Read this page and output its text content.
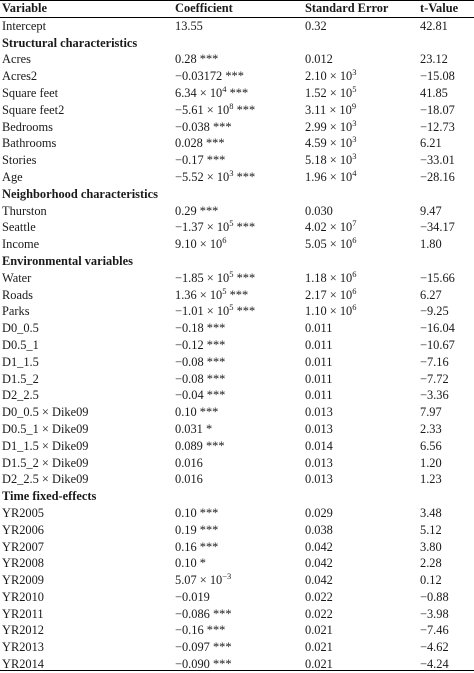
Variable	Coefficient	Standard Error	t-Value
Intercept	13.55	0.32	42.81
Structural characteristics
Acres	0.28 ***	0.012	23.12
Acres2	−0.03172 ***	$2.10 \times 10^3$	−15.08
Square feet	$6.34 \times 10^4$ ***	$1.52 \times 10^5$	41.85
Square feet2	$-5.61 \times 10^8$ ***	$3.11 \times 10^9$	−18.07
Bedrooms	−0.038 ***	$2.99 \times 10^3$	−12.73
Bathrooms	0.028 ***	$4.59 \times 10^3$	6.21
Stories	−0.17 ***	$5.18 \times 10^3$	−33.01
Age	$-5.52 \times 10^3$ ***	$1.96 \times 10^4$	−28.16
Neighborhood characteristics
Thurston	0.29 ***	0.030	9.47
Seattle	$-1.37 \times 10^5$ ***	$4.02 \times 10^7$	−34.17
Income	$9.10 \times 10^6$	$5.05 \times 10^6$	1.80
Environmental variables
Water	$-1.85 \times 10^5$ ***	$1.18 \times 10^6$	−15.66
Roads	$1.36 \times 10^5$ ***	$2.17 \times 10^6$	6.27
Parks	$-1.01 \times 10^5$ ***	$1.10 \times 10^6$	−9.25
D0_0.5	−0.18 ***	0.011	−16.04
D0.5_1	−0.12 ***	0.011	−10.67
D1_1.5	−0.08 ***	0.011	−7.16
D1.5_2	−0.08 ***	0.011	−7.72
D2_2.5	−0.04 ***	0.011	−3.36
D0_0.5 × Dike09	0.10 ***	0.013	7.97
D0.5_1 × Dike09	0.031 *	0.013	2.33
D1_1.5 × Dike09	0.089 ***	0.014	6.56
D1.5_2 × Dike09	0.016	0.013	1.20
D2_2.5 × Dike09	0.016	0.013	1.23
Time fixed-effects
YR2005	0.10 ***	0.029	3.48
YR2006	0.19 ***	0.038	5.12
YR2007	0.16 ***	0.042	3.80
YR2008	0.10 *	0.042	2.28
YR2009	$5.07 \times 10^{-3}$	0.042	0.12
YR2010	−0.019	0.022	−0.88
YR2011	−0.086 ***	0.022	−3.98
YR2012	−0.16 ***	0.021	−7.46
YR2013	−0.097 ***	0.021	−4.62
YR2014	−0.090 ***	0.021	−4.24
